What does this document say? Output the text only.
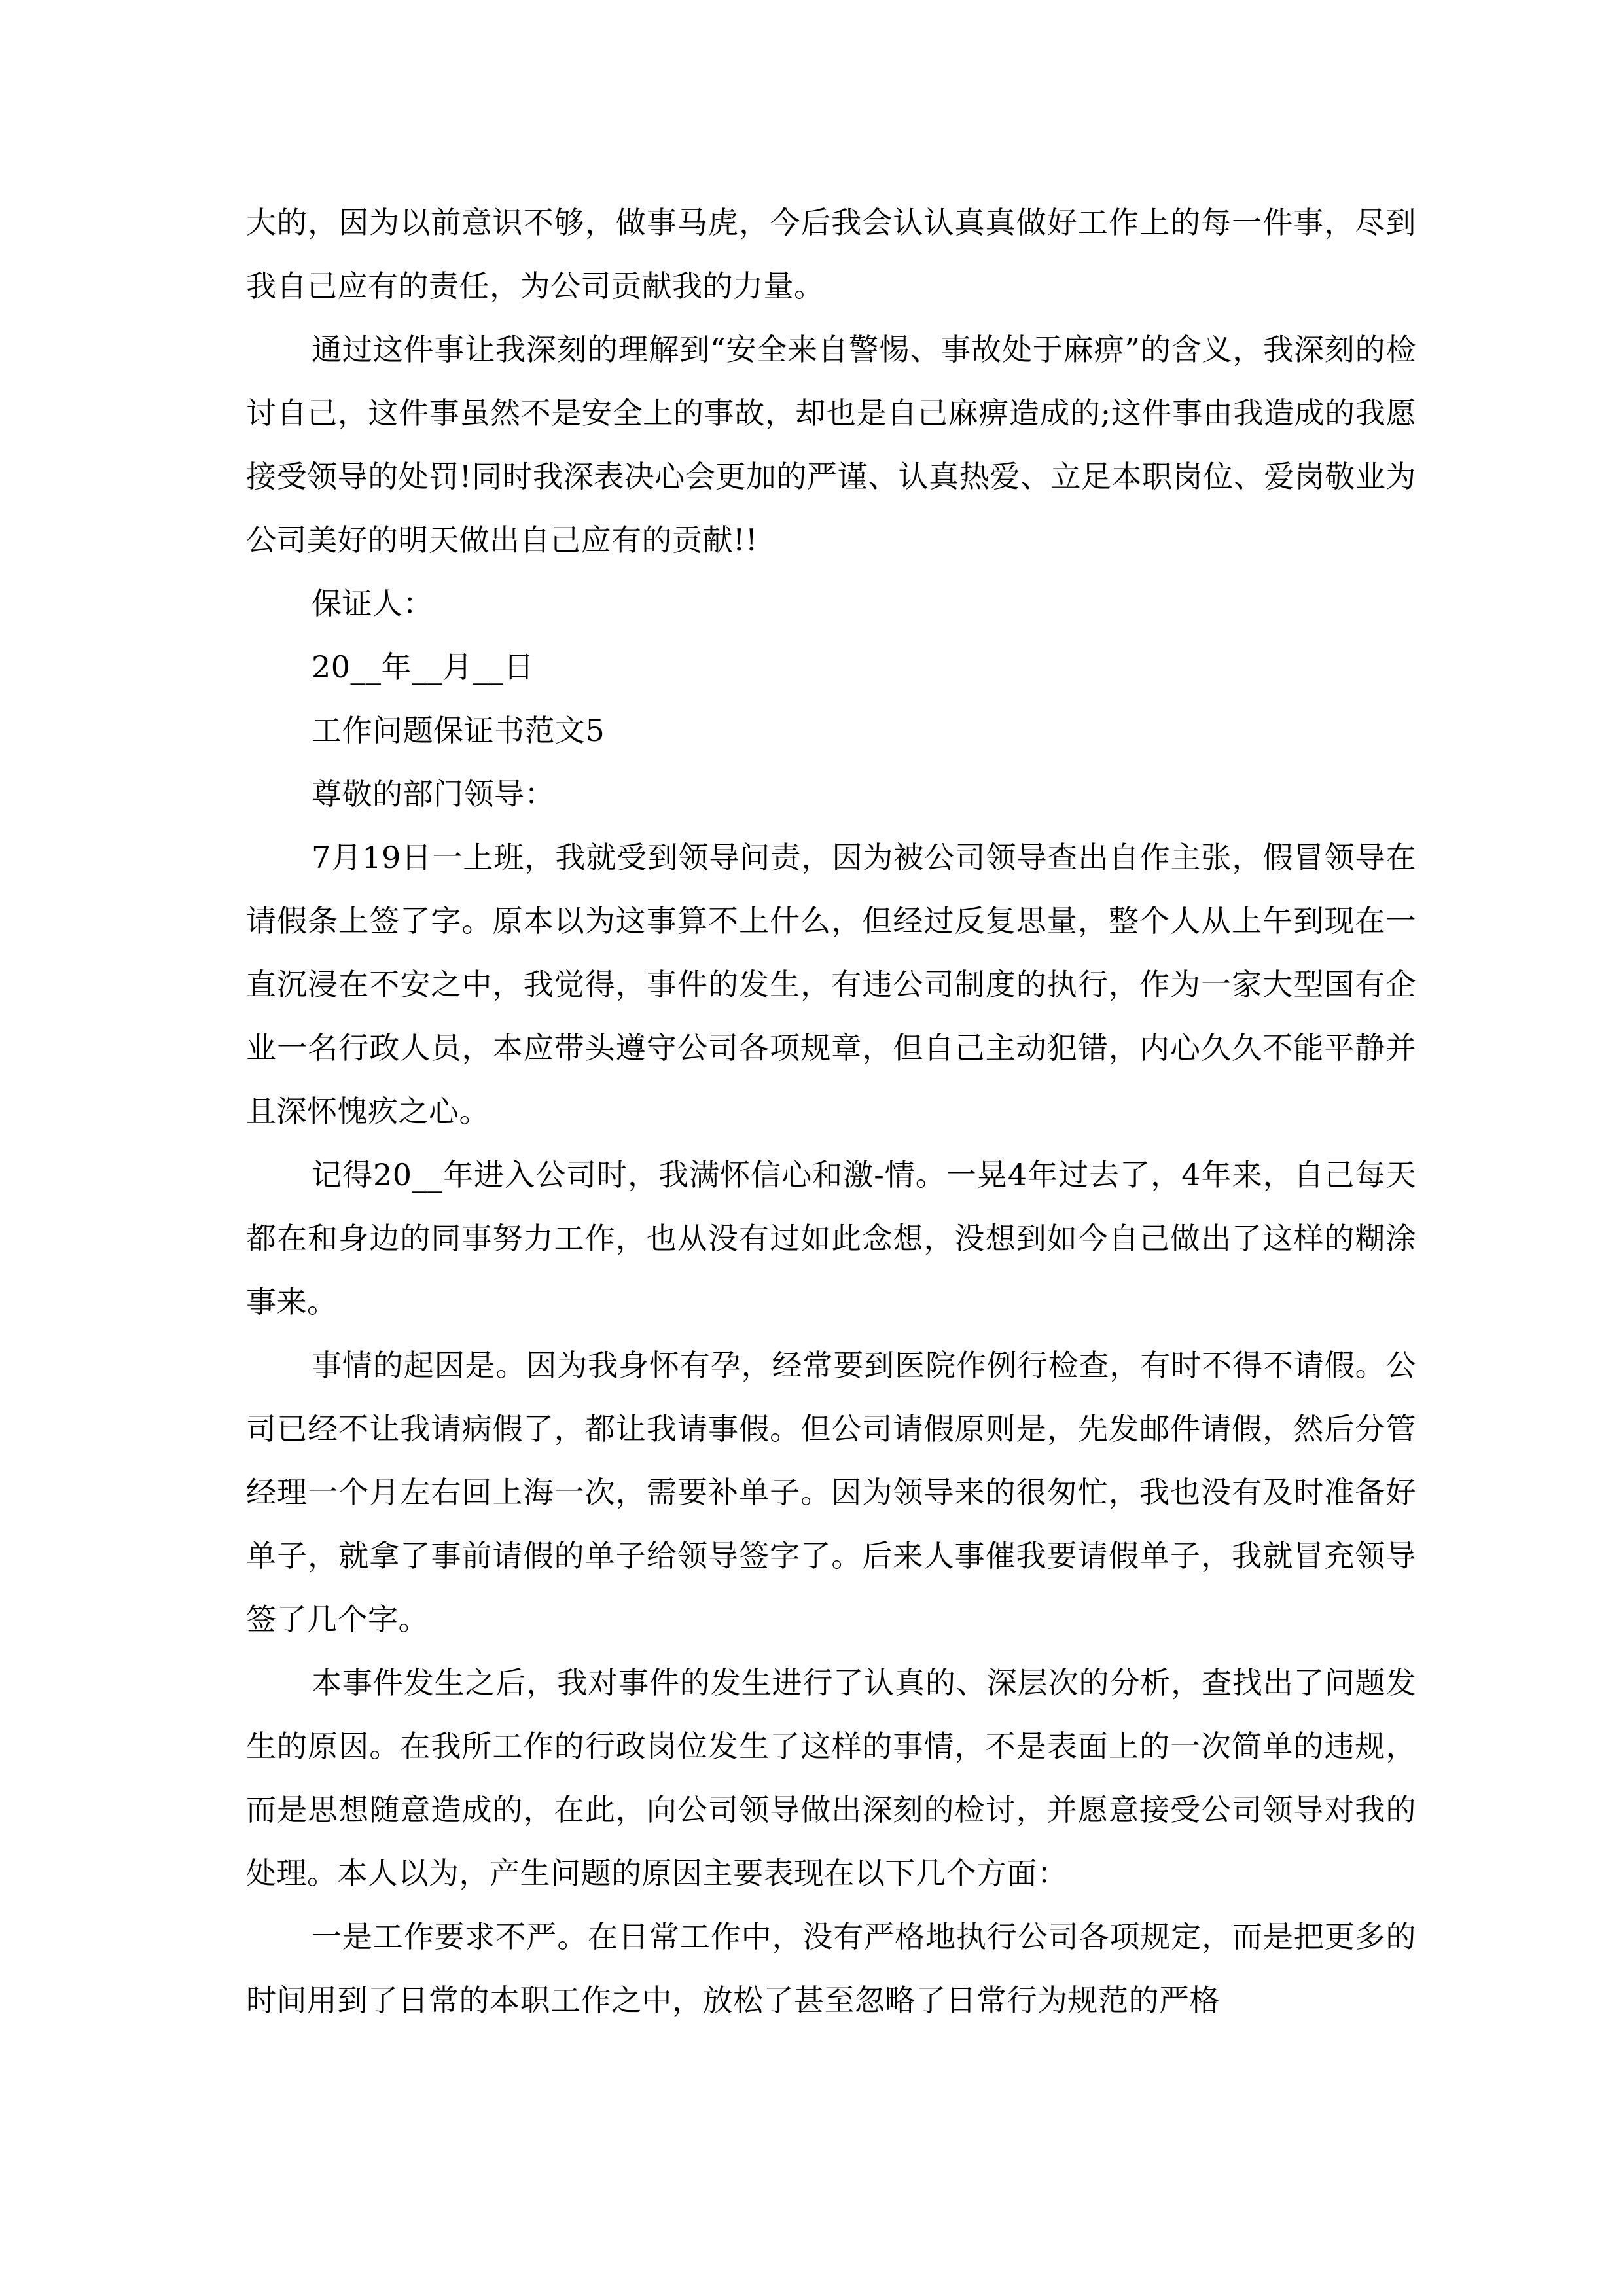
大的，因为以前意识不够，做事马虎，今后我会认认真真做好工作上的每一件事，尽到我自己应有的责任，为公司贡献我的力量。

通过这件事让我深刻的理解到“安全来自警惕、事故处于麻痹”的含义，我深刻的检讨自己，这件事虽然不是安全上的事故，却也是自己麻痹造成的;这件事由我造成的我愿接受领导的处罚!同时我深表决心会更加的严谨、认真热爱、立足本职岗位、爱岗敬业为公司美好的明天做出自己应有的贡献!!

保证人：

20__年__月__日

工作问题保证书范文5

尊敬的部门领导：

7月19日一上班，我就受到领导问责，因为被公司领导查出自作主张，假冒领导在请假条上签了字。原本以为这事算不上什么，但经过反复思量，整个人从上午到现在一直沉浸在不安之中，我觉得，事件的发生，有违公司制度的执行，作为一家大型国有企业一名行政人员，本应带头遵守公司各项规章，但自己主动犯错，内心久久不能平静并且深怀愧疚之心。

记得20__年进入公司时，我满怀信心和激-情。一晃4年过去了，4年来，自己每天都在和身边的同事努力工作，也从没有过如此念想，没想到如今自己做出了这样的糊涂事来。

事情的起因是。因为我身怀有孕，经常要到医院作例行检查，有时不得不请假。公司已经不让我请病假了，都让我请事假。但公司请假原则是，先发邮件请假，然后分管经理一个月左右回上海一次，需要补单子。因为领导来的很匆忙，我也没有及时准备好单子，就拿了事前请假的单子给领导签字了。后来人事催我要请假单子，我就冒充领导签了几个字。

本事件发生之后，我对事件的发生进行了认真的、深层次的分析，查找出了问题发生的原因。在我所工作的行政岗位发生了这样的事情，不是表面上的一次简单的违规，而是思想随意造成的，在此，向公司领导做出深刻的检讨，并愿意接受公司领导对我的处理。本人以为，产生问题的原因主要表现在以下几个方面：

一是工作要求不严。在日常工作中，没有严格地执行公司各项规定，而是把更多的时间用到了日常的本职工作之中，放松了甚至忽略了日常行为规范的严格
